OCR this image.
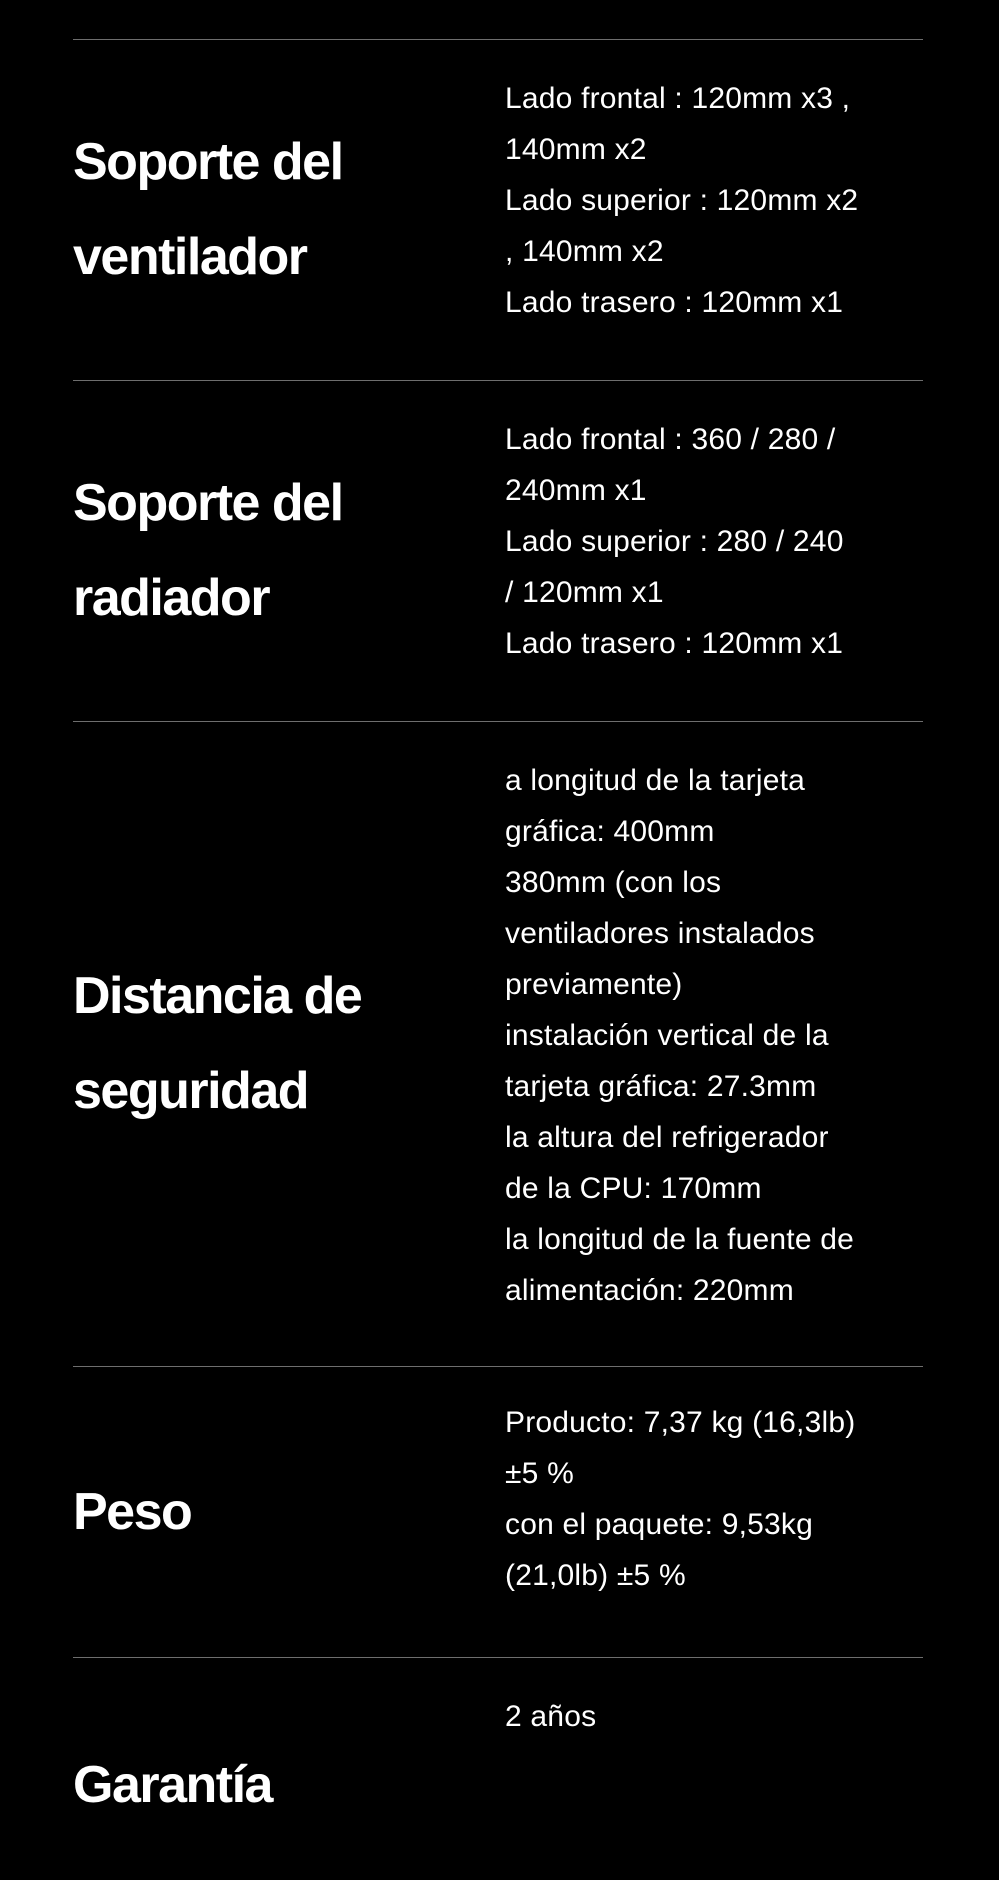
Soporte del
ventilador
Lado frontal : 120mm x3 ,
140mm x2
Lado superior : 120mm x2
, 140mm x2
Lado trasero : 120mm x1
Soporte del
radiador
Lado frontal : 360 / 280 /
240mm x1
Lado superior : 280 / 240
/ 120mm x1
Lado trasero : 120mm x1
Distancia de
seguridad
a longitud de la tarjeta
gráfica: 400mm
380mm (con los
ventiladores instalados
previamente)
instalación vertical de la
tarjeta gráfica: 27.3mm
la altura del refrigerador
de la CPU: 170mm
la longitud de la fuente de
alimentación: 220mm
Peso
Producto: 7,37 kg (16,3lb)
±5 %
con el paquete: 9,53kg
(21,0lb) ±5 %
Garantía
2 años
